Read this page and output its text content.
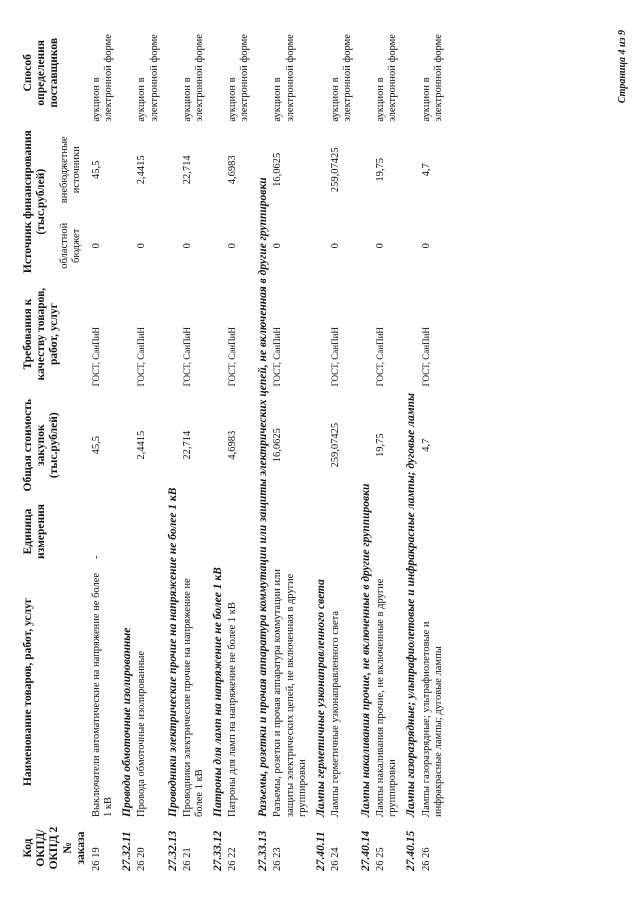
Код ОКПД/ ОКПД 2 № заказа	Наименование товаров, работ, услуг	Единица измерения	Общая стоимость закупок (тыс.рублей)	Требования к качеству товаров, работ, услуг	Источник финансирования (тыс.рублей)		Способ определения поставщиков
					областной бюджет	внебюджетные источники	
26 19	Выключатели автоматические на напряжение не более 1 кВ	-	45,5	ГОСТ, СанПиН	0	45,5	аукцион в электронной форме
27.32.11	Провода обмоточные изолированные						
26 20	Провода обмоточные изолированные		2,4415	ГОСТ, СанПиН	0	2,4415	аукцион в электронной форме
27.32.13	Проводники электрические прочие на напряжение не более 1 кВ						
26 21	Проводники электрические прочие на напряжение не более 1 кВ		22,714	ГОСТ, СанПиН	0	22,714	аукцион в электронной форме
27.33.12	Патроны для ламп на напряжение не более 1 кВ						
26 22	Патроны для ламп на напряжение не более 1 кВ		4,6983	ГОСТ, СанПиН	0	4,6983	аукцион в электронной форме
27.33.13	Разъемы, розетки и прочая аппаратура коммутации или защиты электрических цепей, не включенная в другие группировки						
26 23	Разъемы, розетки и прочая аппаратура коммутации или защиты электрических цепей, не включенная в другие группировки		16,0625	ГОСТ, СанПиН	0	16,0625	аукцион в электронной форме
27.40.11	Лампы герметичные узконаправленного света						
26 24	Лампы герметичные узконаправленного света		259,07425	ГОСТ, СанПиН	0	259,07425	аукцион в электронной форме
27.40.14	Лампы накаливания прочие, не включенные в другие группировки						
26 25	Лампы накаливания прочие, не включенные в другие группировки		19,75	ГОСТ, СанПиН	0	19,75	аукцион в электронной форме
27.40.15	Лампы газоразрядные; ультрафиолетовые и инфракрасные лампы; дуговые лампы						
26 26	Лампы газоразрядные; ультрафиолетовые и инфракрасные лампы; дуговые лампы		4,7	ГОСТ, СанПиН	0	4,7	аукцион в электронной форме	Страница 4 из 9
